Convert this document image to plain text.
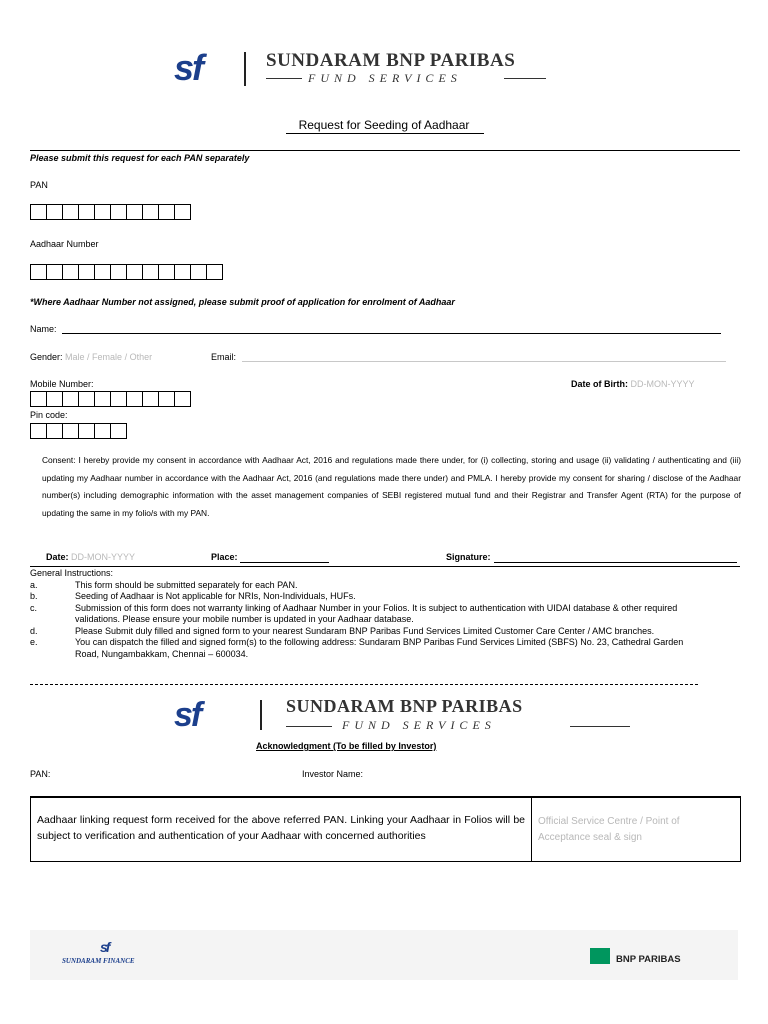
sf	SUNDARAM BNP PARIBAS
FUND SERVICES
Request for Seeding of Aadhaar
Please submit this request for each PAN separately
PAN
Aadhaar Number
*Where Aadhaar Number not assigned, please submit proof of application for enrolment of Aadhaar
Name:
Gender: Male / Female / Other	Email:
Mobile Number:	Date of Birth: DD-MON-YYYY
Pin code:
Consent: I hereby provide my consent in accordance with Aadhaar Act, 2016 and regulations made there under, for (i) collecting, storing and usage (ii) validating / authenticating and (iii) updating my Aadhaar number in accordance with the Aadhaar Act, 2016 (and regulations made there under) and PMLA. I hereby provide my consent for sharing / disclose of the Aadhaar number(s) including demographic information with the asset management companies of SEBI registered mutual fund and their Registrar and Transfer Agent (RTA) for the purpose of updating the same in my folio/s with my PAN.
Date: DD-MON-YYYY	Place:	Signature:
General Instructions:
a.	This form should be submitted separately for each PAN.
b.	Seeding of Aadhaar is Not applicable for NRIs, Non-Individuals, HUFs.
c.	Submission of this form does not warranty linking of Aadhaar Number in your Folios. It is subject to authentication with UIDAI database & other required validations. Please ensure your mobile number is updated in your Aadhaar database.
d.	Please Submit duly filled and signed form to your nearest Sundaram BNP Paribas Fund Services Limited Customer Care Center / AMC branches.
e.	You can dispatch the filled and signed form(s) to the following address: Sundaram BNP Paribas Fund Services Limited (SBFS) No. 23, Cathedral Garden Road, Nungambakkam, Chennai – 600034.
sf	SUNDARAM BNP PARIBAS
FUND SERVICES
Acknowledgment (To be filled by Investor)
PAN:	Investor Name:
Aadhaar linking request form received for the above referred PAN. Linking your Aadhaar in Folios will be subject to verification and authentication of your Aadhaar with concerned authorities
Official Service Centre / Point of Acceptance seal & sign
sf
SUNDARAM FINANCE	BNP PARIBAS
